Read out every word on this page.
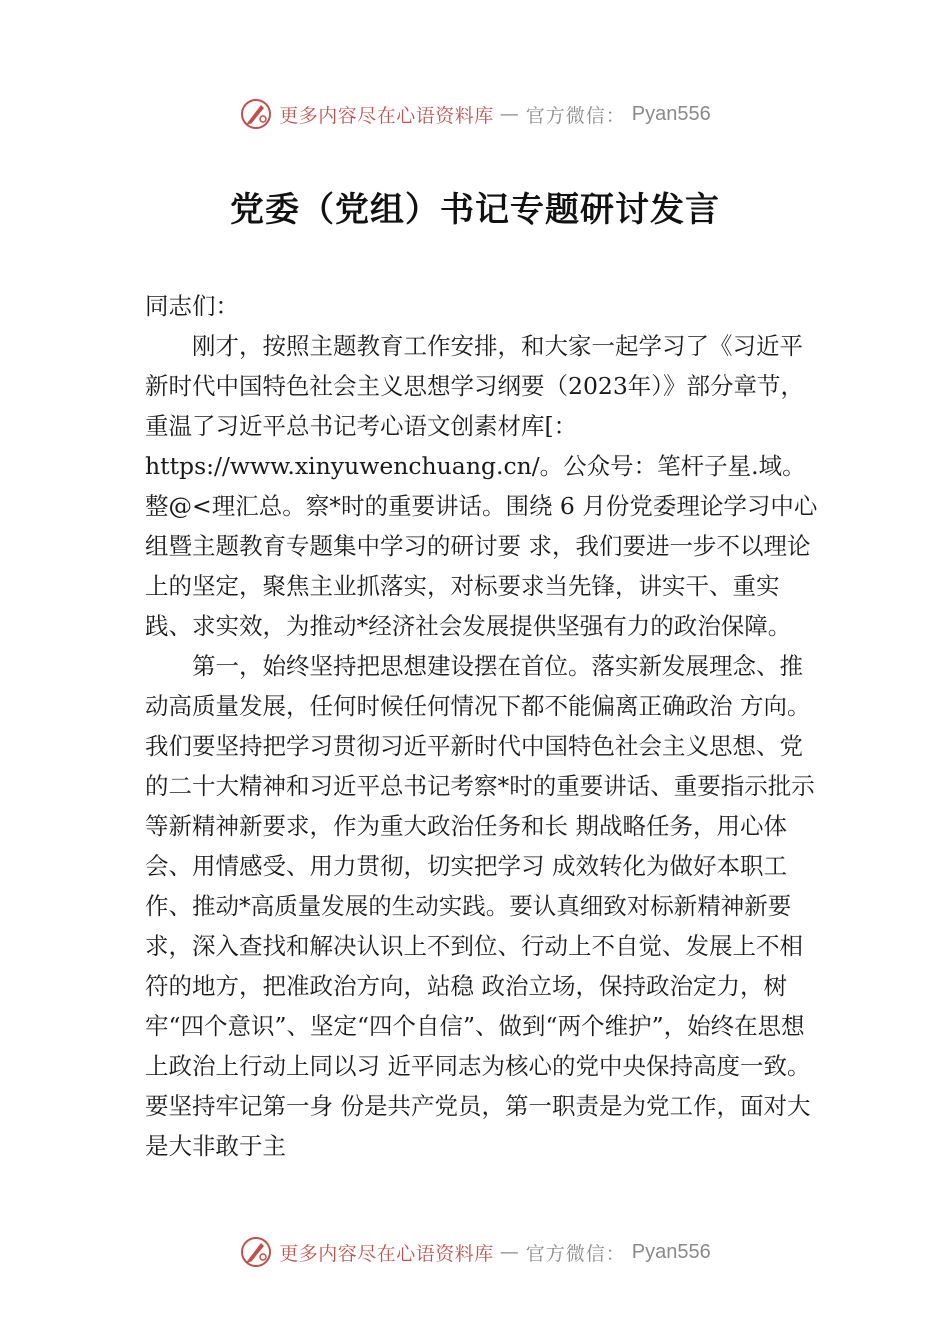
更多内容尽在心语资料库 — 官方微信： Pyan556
党委（党组）书记专题研讨发言

同志们：

刚才，按照主题教育工作安排，和大家一起学习了《习近平新时代中国特色社会主义思想学习纲要（2023年）》部分章节，重温了习近平总书记考心语文创素材库[：https://www.xinyuwenchuang.cn/。公众号：笔杆子星.域。整@<理汇总。察*时的重要讲话。围绕 6 月份党委理论学习中心组暨主题教育专题集中学习的研讨要 求，我们要进一步不以理论上的坚定，聚焦主业抓落实，对标要求当先锋，讲实干、重实践、求实效，为推动*经济社会发展提供坚强有力的政治保障。

第一，始终坚持把思想建设摆在首位。落实新发展理念、推动高质量发展，任何时候任何情况下都不能偏离正确政治 方向。我们要坚持把学习贯彻习近平新时代中国特色社会主义思想、党的二十大精神和习近平总书记考察*时的重要讲话、重要指示批示等新精神新要求，作为重大政治任务和长 期战略任务，用心体会、用情感受、用力贯彻，切实把学习 成效转化为做好本职工作、推动*高质量发展的生动实践。要认真细致对标新精神新要求，深入查找和解决认识上不到位、行动上不自觉、发展上不相符的地方，把准政治方向，站稳 政治立场，保持政治定力，树牢“四个意识”、坚定“四个自信”、做到“两个维护”，始终在思想上政治上行动上同以习 近平同志为核心的党中央保持高度一致。要坚持牢记第一身 份是共产党员，第一职责是为党工作，面对大是大非敢于主

更多内容尽在心语资料库 — 官方微信： Pyan556
